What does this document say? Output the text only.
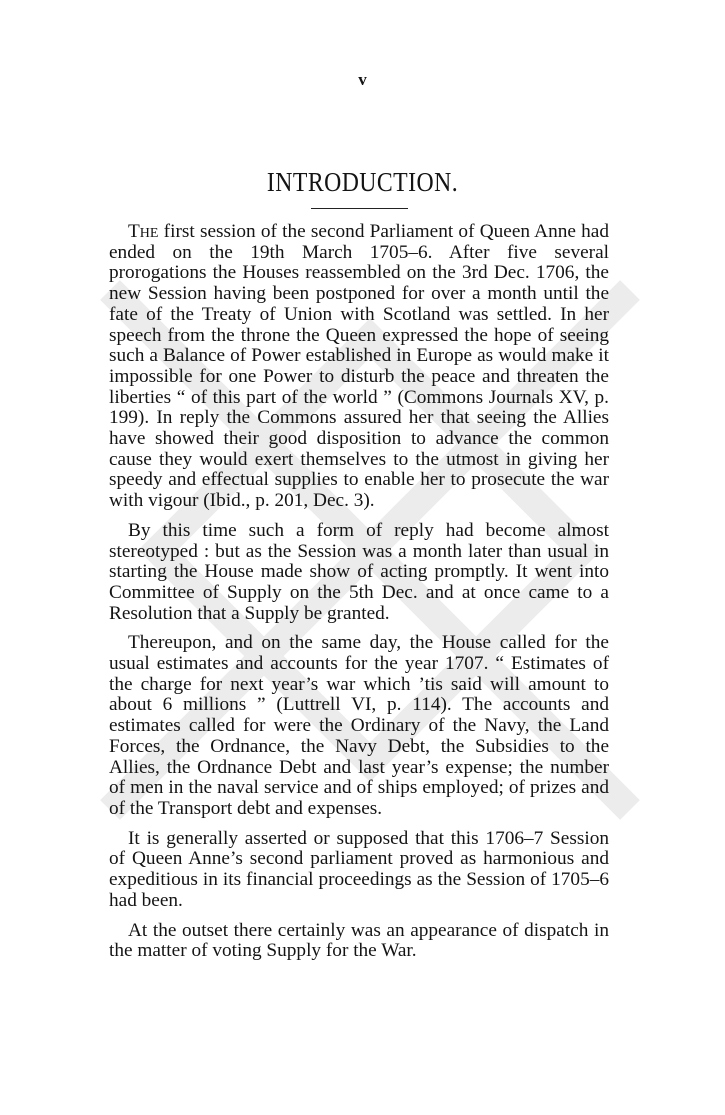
v
INTRODUCTION.

The first session of the second Parliament of Queen Anne had ended on the 19th March 1705–6. After five several prorogations the Houses reassembled on the 3rd Dec. 1706, the new Session having been postponed for over a month until the fate of the Treaty of Union with Scotland was settled. In her speech from the throne the Queen expressed the hope of seeing such a Balance of Power established in Europe as would make it impossible for one Power to disturb the peace and threaten the liberties “ of this part of the world ” (Commons Journals XV, p. 199). In reply the Commons assured her that seeing the Allies have showed their good disposition to advance the common cause they would exert themselves to the utmost in giving her speedy and effectual supplies to enable her to prosecute the war with vigour (Ibid., p. 201, Dec. 3).

By this time such a form of reply had become almost stereotyped : but as the Session was a month later than usual in starting the House made show of acting promptly. It went into Committee of Supply on the 5th Dec. and at once came to a Resolution that a Supply be granted.

Thereupon, and on the same day, the House called for the usual estimates and accounts for the year 1707. “ Estimates of the charge for next year’s war which ’tis said will amount to about 6 millions ” (Luttrell VI, p. 114). The accounts and estimates called for were the Ordinary of the Navy, the Land Forces, the Ordnance, the Navy Debt, the Subsidies to the Allies, the Ordnance Debt and last year’s expense; the number of men in the naval service and of ships employed; of prizes and of the Transport debt and expenses.

It is generally asserted or supposed that this 1706–7 Session of Queen Anne’s second parliament proved as harmonious and expeditious in its financial proceedings as the Session of 1705–6 had been.

At the outset there certainly was an appearance of dispatch in the matter of voting Supply for the War.
